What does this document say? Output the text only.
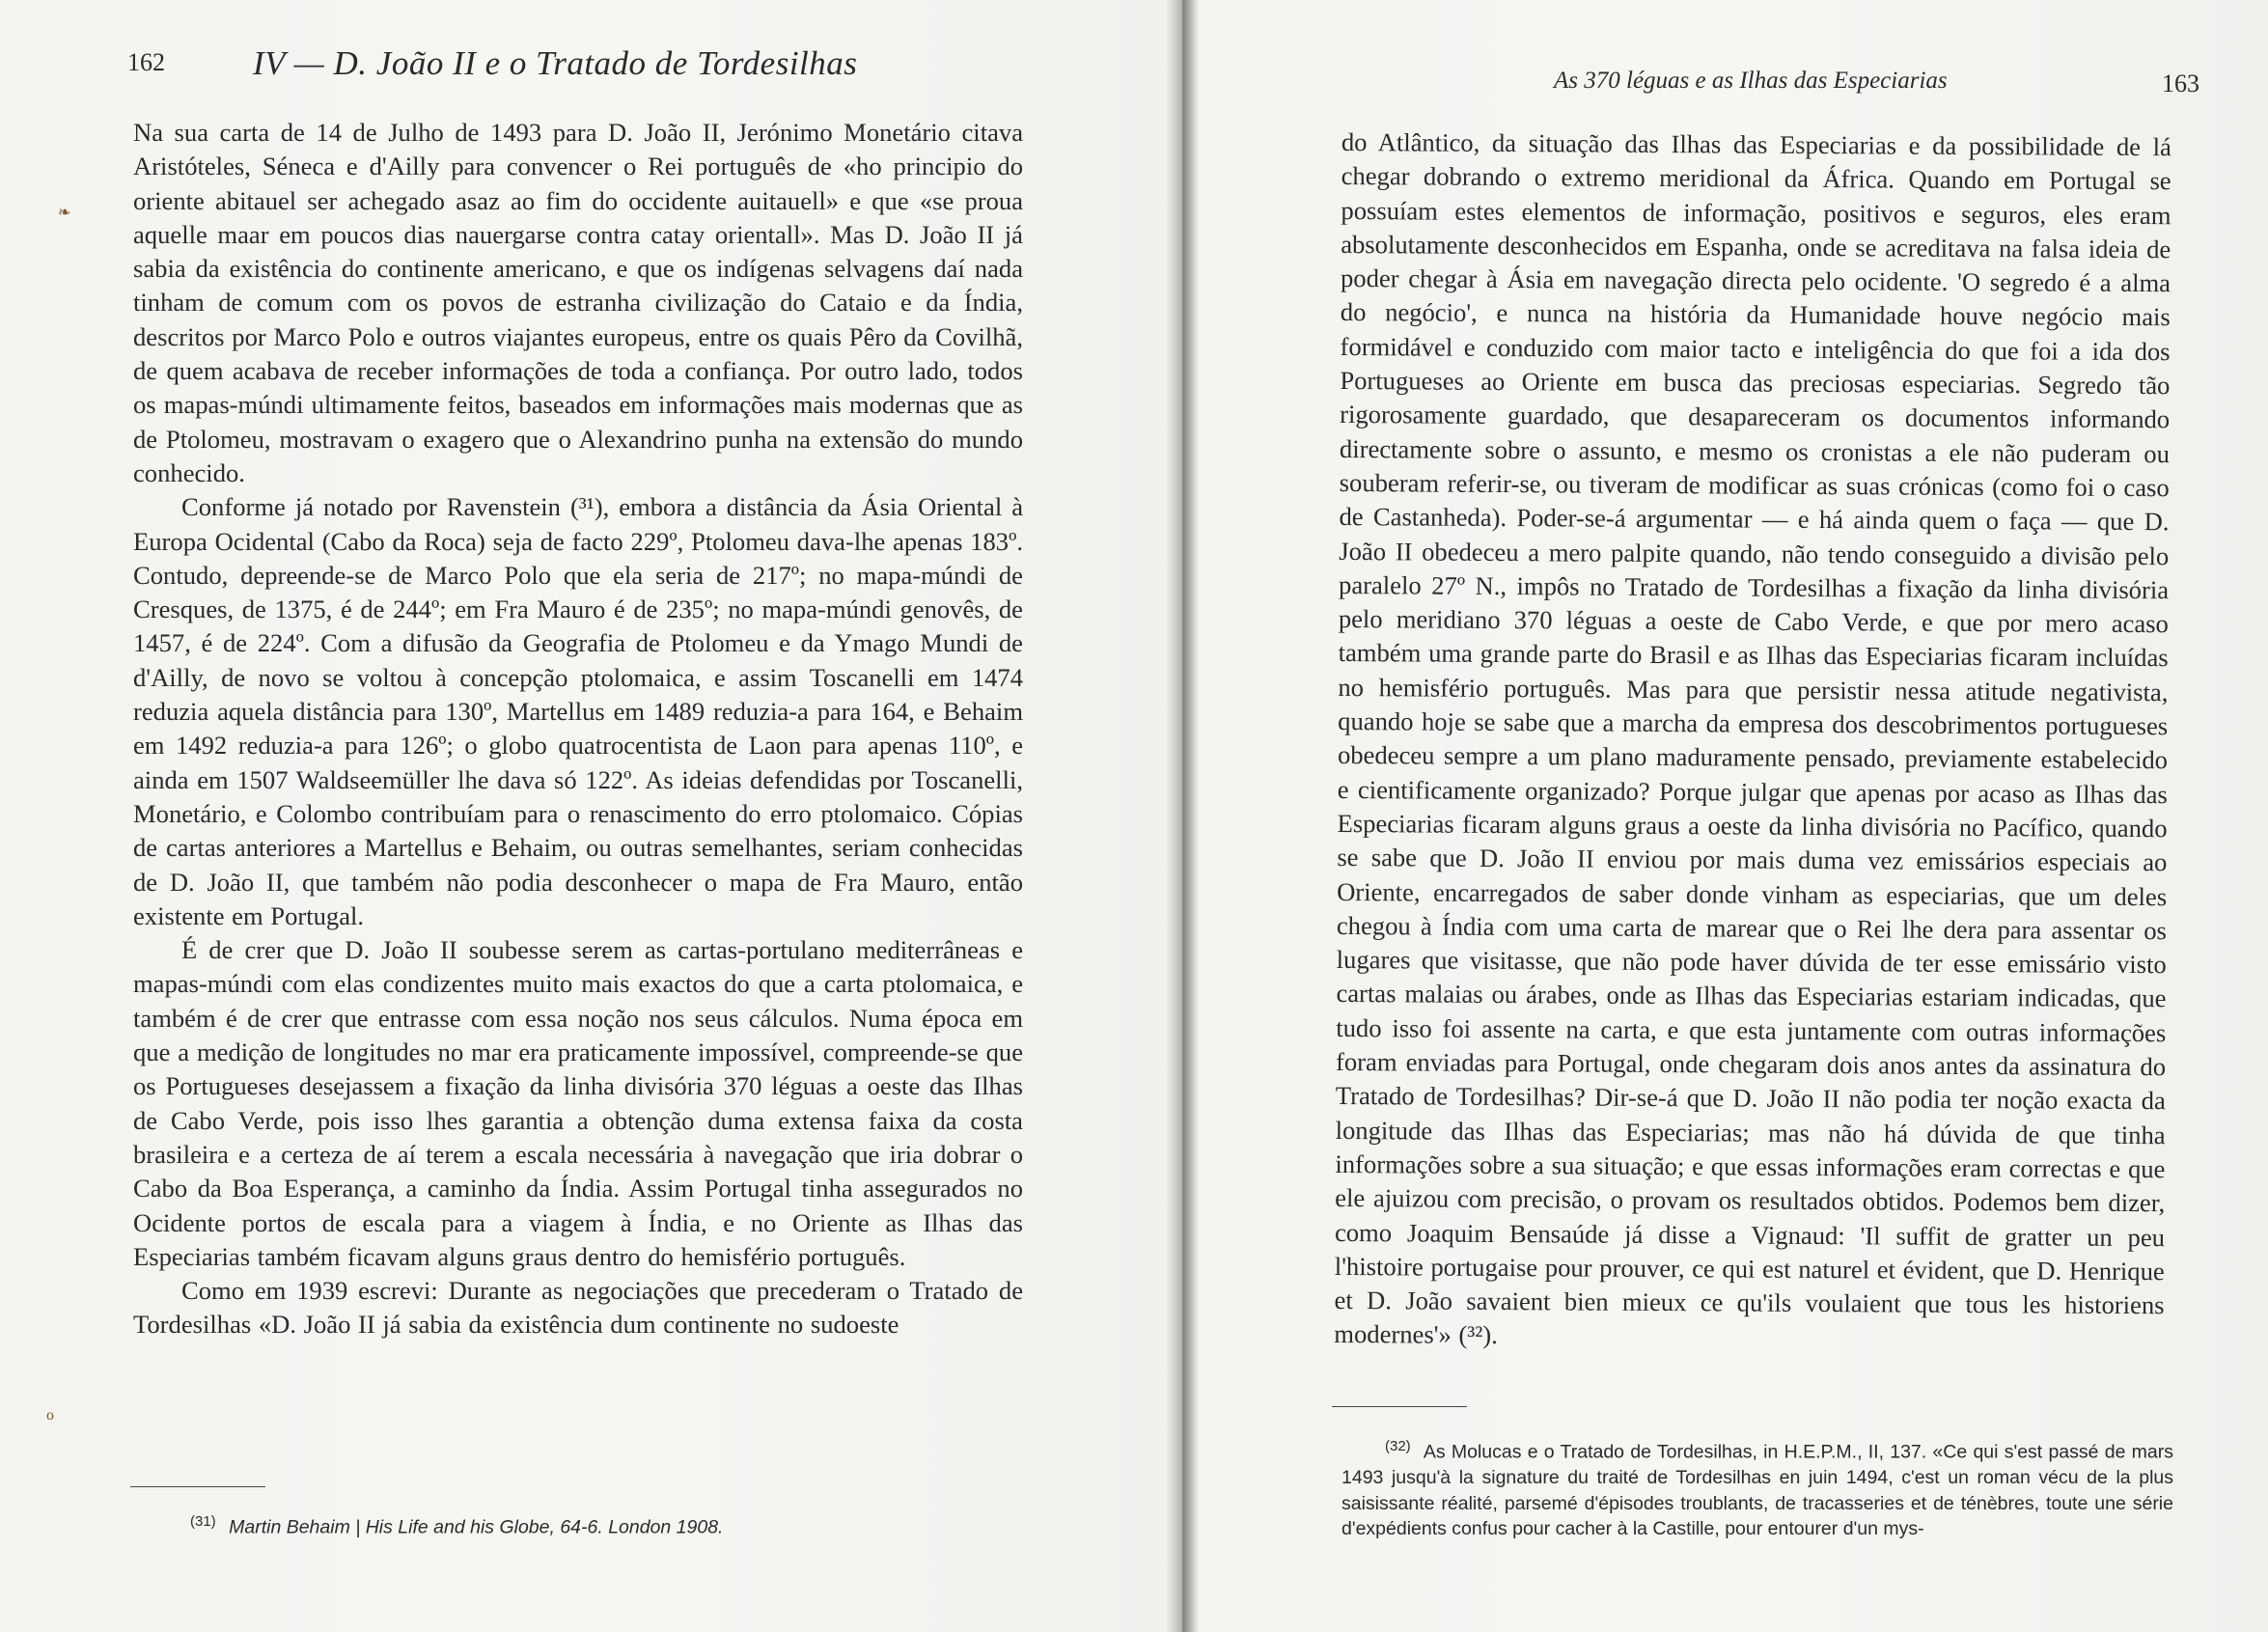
162	IV — D. João II e o Tratado de Tordesilhas

Na sua carta de 14 de Julho de 1493 para D. João II, Jerónimo Monetário citava Aristóteles, Séneca e d'Ailly para convencer o Rei português de «ho principio do oriente abitauel ser achegado asaz ao fim do occidente auitauell» e que «se proua aquelle maar em poucos dias nauergarse contra catay orientall». Mas D. João II já sabia da existência do continente americano, e que os indígenas selvagens daí nada tinham de comum com os povos de estranha civilização do Cataio e da Índia, descritos por Marco Polo e outros viajantes europeus, entre os quais Pêro da Covilhã, de quem acabava de receber informações de toda a confiança. Por outro lado, todos os mapas-múndi ultimamente feitos, baseados em informações mais modernas que as de Ptolomeu, mostravam o exagero que o Alexandrino punha na extensão do mundo conhecido.

Conforme já notado por Ravenstein (³¹), embora a distância da Ásia Oriental à Europa Ocidental (Cabo da Roca) seja de facto 229º, Ptolomeu dava-lhe apenas 183º. Contudo, depreende-se de Marco Polo que ela seria de 217º; no mapa-múndi de Cresques, de 1375, é de 244º; em Fra Mauro é de 235º; no mapa-múndi genovês, de 1457, é de 224º. Com a difusão da Geografia de Ptolomeu e da Ymago Mundi de d'Ailly, de novo se voltou à concepção ptolomaica, e assim Toscanelli em 1474 reduzia aquela distância para 130º, Martellus em 1489 reduzia-a para 164, e Behaim em 1492 reduzia-a para 126º; o globo quatrocentista de Laon para apenas 110º, e ainda em 1507 Waldseemüller lhe dava só 122º. As ideias defendidas por Toscanelli, Monetário, e Colombo contribuíam para o renascimento do erro ptolomaico. Cópias de cartas anteriores a Martellus e Behaim, ou outras semelhantes, seriam conhecidas de D. João II, que também não podia desconhecer o mapa de Fra Mauro, então existente em Portugal.

É de crer que D. João II soubesse serem as cartas-portulano mediterrâneas e mapas-múndi com elas condizentes muito mais exactos do que a carta ptolomaica, e também é de crer que entrasse com essa noção nos seus cálculos. Numa época em que a medição de longitudes no mar era praticamente impossível, compreende-se que os Portugueses desejassem a fixação da linha divisória 370 léguas a oeste das Ilhas de Cabo Verde, pois isso lhes garantia a obtenção duma extensa faixa da costa brasileira e a certeza de aí terem a escala necessária à navegação que iria dobrar o Cabo da Boa Esperança, a caminho da Índia. Assim Portugal tinha assegurados no Ocidente portos de escala para a viagem à Índia, e no Oriente as Ilhas das Especiarias também ficavam alguns graus dentro do hemisfério português.

Como em 1939 escrevi: Durante as negociações que precederam o Tratado de Tordesilhas «D. João II já sabia da existência dum continente no sudoeste

$^{(31)}$ Martin Behaim | His Life and his Globe, 64-6. London 1908.
❧
o
As 370 léguas e as Ilhas das Especiarias	163

do Atlântico, da situação das Ilhas das Especiarias e da possibilidade de lá chegar dobrando o extremo meridional da África. Quando em Portugal se possuíam estes elementos de informação, positivos e seguros, eles eram absolutamente desconhecidos em Espanha, onde se acreditava na falsa ideia de poder chegar à Ásia em navegação directa pelo ocidente. 'O segredo é a alma do negócio', e nunca na história da Humanidade houve negócio mais formidável e conduzido com maior tacto e inteligência do que foi a ida dos Portugueses ao Oriente em busca das preciosas especiarias. Segredo tão rigorosamente guardado, que desapareceram os documentos informando directamente sobre o assunto, e mesmo os cronistas a ele não puderam ou souberam referir-se, ou tiveram de modificar as suas crónicas (como foi o caso de Castanheda). Poder-se-á argumentar — e há ainda quem o faça — que D. João II obedeceu a mero palpite quando, não tendo conseguido a divisão pelo paralelo 27º N., impôs no Tratado de Tordesilhas a fixação da linha divisória pelo meridiano 370 léguas a oeste de Cabo Verde, e que por mero acaso também uma grande parte do Brasil e as Ilhas das Especiarias ficaram incluídas no hemisfério português. Mas para que persistir nessa atitude negativista, quando hoje se sabe que a marcha da empresa dos descobrimentos portugueses obedeceu sempre a um plano maduramente pensado, previamente estabelecido e cientificamente organizado? Porque julgar que apenas por acaso as Ilhas das Especiarias ficaram alguns graus a oeste da linha divisória no Pacífico, quando se sabe que D. João II enviou por mais duma vez emissários especiais ao Oriente, encarregados de saber donde vinham as especiarias, que um deles chegou à Índia com uma carta de marear que o Rei lhe dera para assentar os lugares que visitasse, que não pode haver dúvida de ter esse emissário visto cartas malaias ou árabes, onde as Ilhas das Especiarias estariam indicadas, que tudo isso foi assente na carta, e que esta juntamente com outras informações foram enviadas para Portugal, onde chegaram dois anos antes da assinatura do Tratado de Tordesilhas? Dir-se-á que D. João II não podia ter noção exacta da longitude das Ilhas das Especiarias; mas não há dúvida de que tinha informações sobre a sua situação; e que essas informações eram correctas e que ele ajuizou com precisão, o provam os resultados obtidos. Podemos bem dizer, como Joaquim Bensaúde já disse a Vignaud: 'Il suffit de gratter un peu l'histoire portugaise pour prouver, ce qui est naturel et évident, que D. Henrique et D. João savaient bien mieux ce qu'ils voulaient que tous les historiens modernes'» (³²).

$^{(32)}$ As Molucas e o Tratado de Tordesilhas, in H.E.P.M., II, 137. «Ce qui s'est passé de mars 1493 jusqu'à la signature du traité de Tordesilhas en juin 1494, c'est un roman vécu de la plus saisissante réalité, parsemé d'épisodes troublants, de tracasseries et de ténèbres, toute une série d'expédients confus pour cacher à la Castille, pour entourer d'un mys-
